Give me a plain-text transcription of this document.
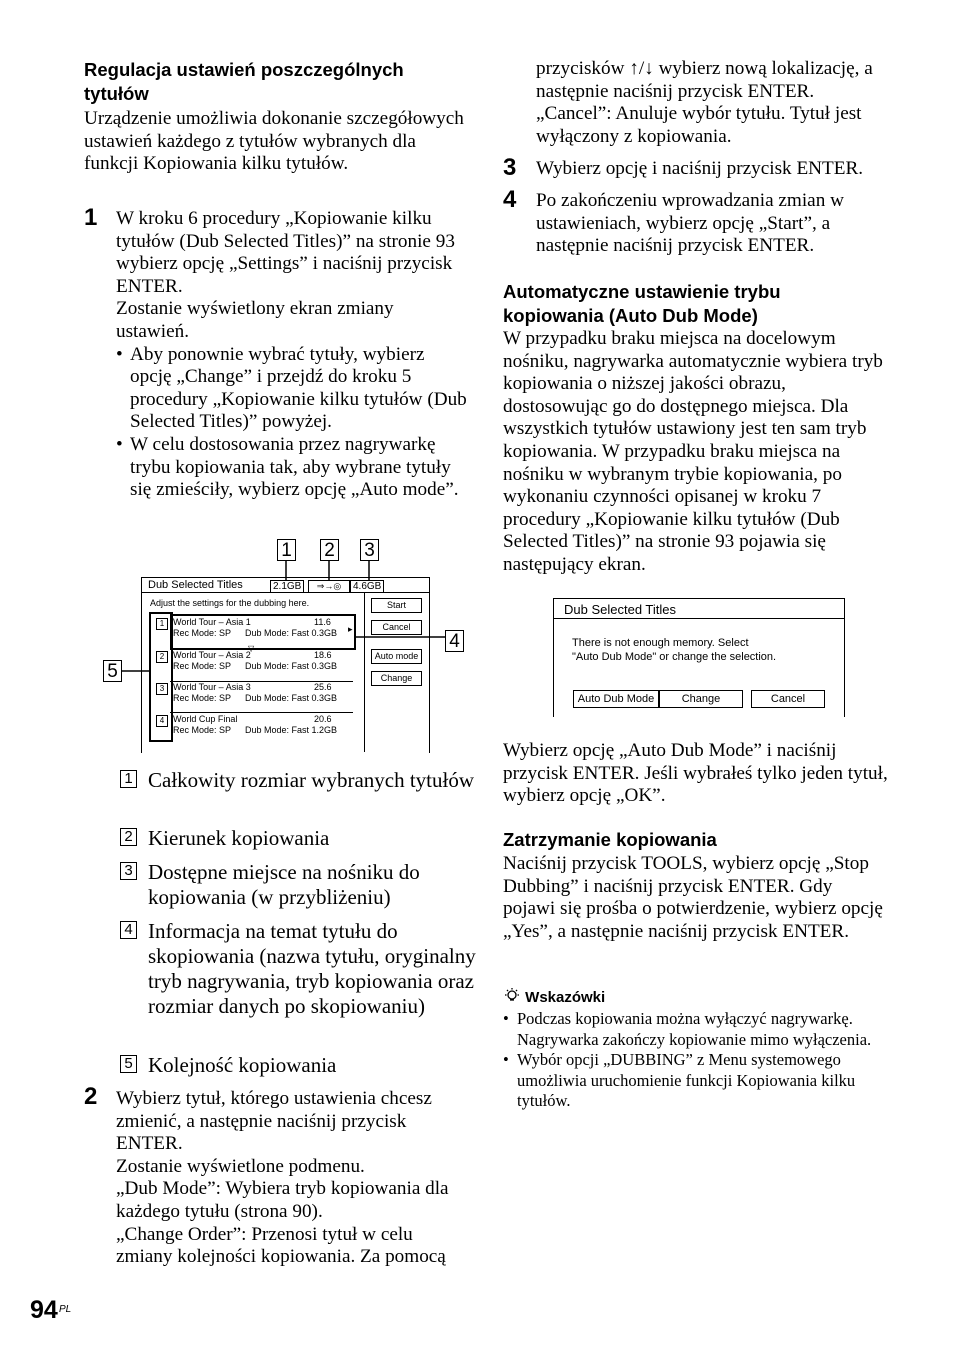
Regulacja ustawień poszczególnych tytułów
Urządzenie umożliwia dokonanie szczegółowych ustawień każdego z tytułów wybranych dla funkcji Kopiowania kilku tytułów.
1 W kroku 6 procedury „Kopiowanie kilku tytułów (Dub Selected Titles)” na stronie 93 wybierz opcję „Settings” i naciśnij przycisk ENTER.
Zostanie wyświetlony ekran zmiany ustawień.
• Aby ponownie wybrać tytuły, wybierz opcję „Change” i przejdź do kroku 5 procedury „Kopiowanie kilku tytułów (Dub Selected Titles)” powyżej.
• W celu dostosowania przez nagrywarkę trybu kopiowania tak, aby wybrane tytuły się zmieściły, wybierz opcję „Auto mode”.
1 2 3
4
5
Dub Selected Titles	2.1GB	⇒→◎	4.6GB
Adjust the settings for the dubbing here.	Start
Cancel
Auto mode
Change
1 World Tour – Asia 1	11.6
Rec Mode: SP Dub Mode: Fast 0.3GB ▸
▽
2 World Tour – Asia 2	18.6
Rec Mode: SP Dub Mode: Fast 0.3GB
3 World Tour – Asia 3	25.6
Rec Mode: SP Dub Mode: Fast 0.3GB
4 World Cup Final	20.6
Rec Mode: SP Dub Mode: Fast 1.2GB
1 Całkowity rozmiar wybranych tytułów
2 Kierunek kopiowania
3 Dostępne miejsce na nośniku do kopiowania (w przybliżeniu)
4 Informacja na temat tytułu do skopiowania (nazwa tytułu, oryginalny tryb nagrywania, tryb kopiowania oraz rozmiar danych po skopiowaniu)
5 Kolejność kopiowania
2 Wybierz tytuł, którego ustawienia chcesz zmienić, a następnie naciśnij przycisk ENTER.
Zostanie wyświetlone podmenu.
„Dub Mode”: Wybiera tryb kopiowania dla każdego tytułu (strona 90).
„Change Order”: Przenosi tytuł w celu zmiany kolejności kopiowania. Za pomocą
94 PL
przycisków ↑/↓ wybierz nową lokalizację, a następnie naciśnij przycisk ENTER.
„Cancel”: Anuluje wybór tytułu. Tytuł jest wyłączony z kopiowania.
3 Wybierz opcję i naciśnij przycisk ENTER.
4 Po zakończeniu wprowadzania zmian w ustawieniach, wybierz opcję „Start”, a następnie naciśnij przycisk ENTER.
Automatyczne ustawienie trybu kopiowania (Auto Dub Mode)
W przypadku braku miejsca na docelowym nośniku, nagrywarka automatycznie wybiera tryb kopiowania o niższej jakości obrazu, dostosowując go do dostępnego miejsca. Dla wszystkich tytułów ustawiony jest ten sam tryb kopiowania. W przypadku braku miejsca na nośniku w wybranym trybie kopiowania, po wykonaniu czynności opisanej w kroku 7 procedury „Kopiowanie kilku tytułów (Dub Selected Titles)” na stronie 93 pojawia się następujący ekran.
Dub Selected Titles
There is not enough memory. Select
"Auto Dub Mode" or change the selection.
Auto Dub Mode	Change	Cancel
Wybierz opcję „Auto Dub Mode” i naciśnij przycisk ENTER. Jeśli wybrałeś tylko jeden tytuł, wybierz opcję „OK”.
Zatrzymanie kopiowania
Naciśnij przycisk TOOLS, wybierz opcję „Stop Dubbing” i naciśnij przycisk ENTER. Gdy pojawi się prośba o potwierdzenie, wybierz opcję „Yes”, a następnie naciśnij przycisk ENTER.
Wskazówki
• Podczas kopiowania można wyłączyć nagrywarkę. Nagrywarka zakończy kopiowanie mimo wyłączenia.
• Wybór opcji „DUBBING” z Menu systemowego umożliwia uruchomienie funkcji Kopiowania kilku tytułów.
